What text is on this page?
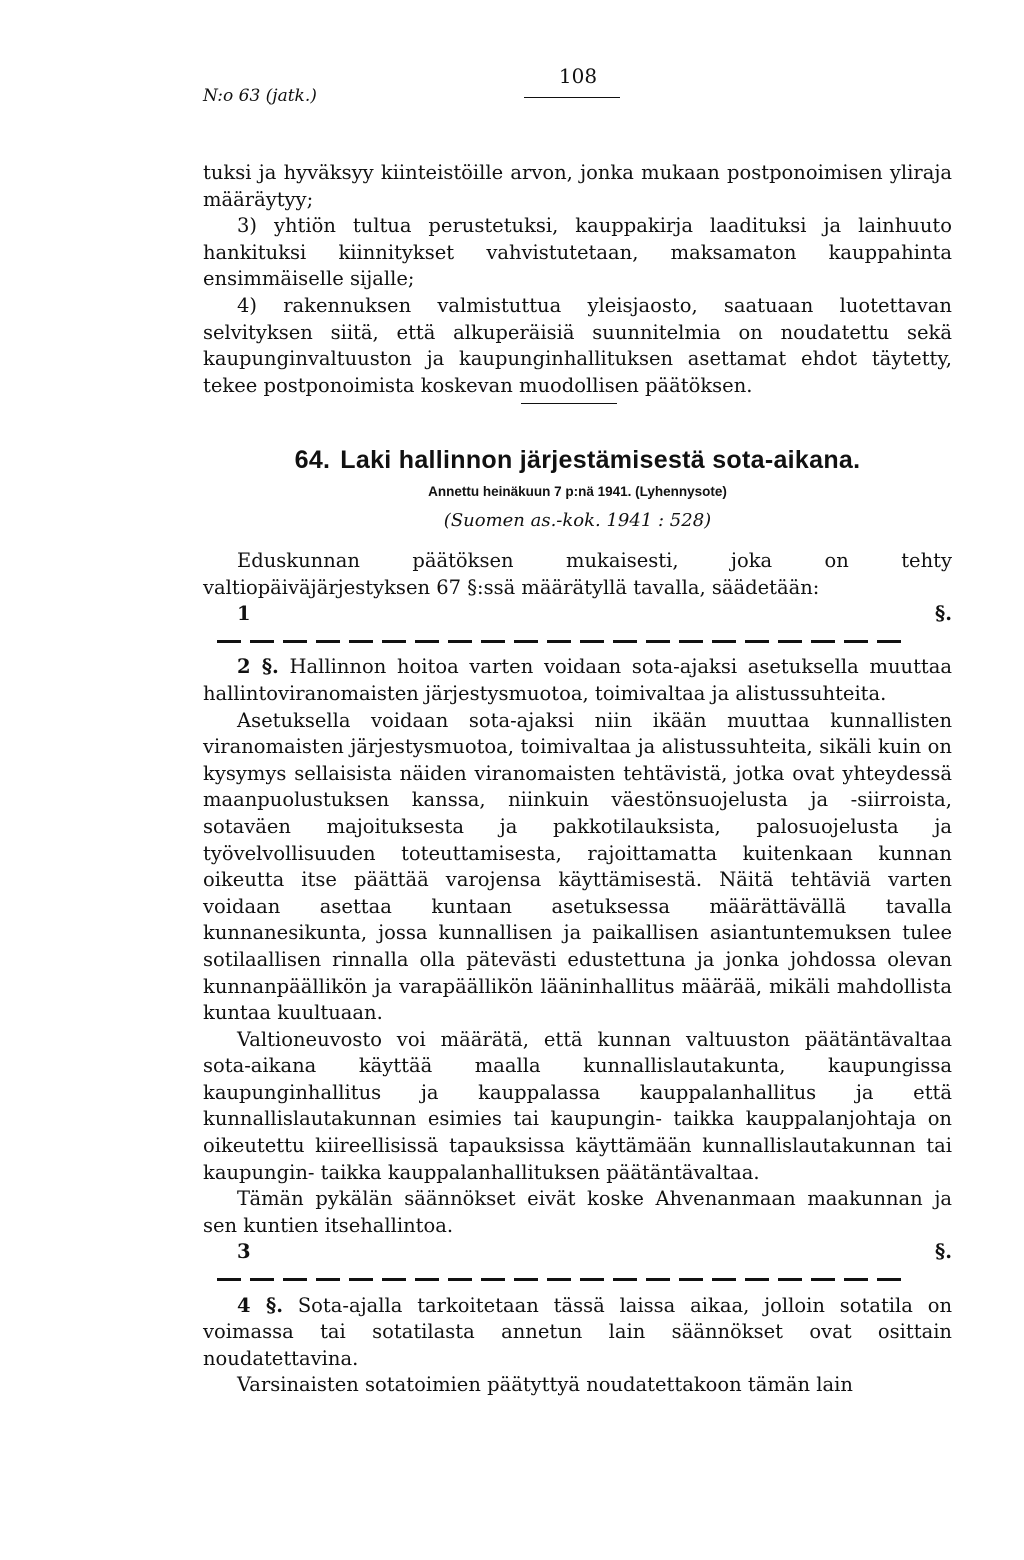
N:o 63 (jatk.)
108

tuksi ja hyväksyy kiinteistöille arvon, jonka mukaan postponoimisen yliraja määräytyy;

3) yhtiön tultua perustetuksi, kauppakirja laadituksi ja lainhuuto hankituksi kiinnitykset vahvistutetaan, maksamaton kauppahinta ensimmäiselle sijalle;

4) rakennuksen valmistuttua yleisjaosto, saatuaan luotettavan selvityksen siitä, että alkuperäisiä suunnitelmia on noudatettu sekä kaupunginvaltuuston ja kaupunginhallituksen asettamat ehdot täytetty, tekee postponoimista koskevan muodollisen päätöksen.

64. Laki hallinnon järjestämisestä sota-aikana.
Annettu heinäkuun 7 p:nä 1941. (Lyhennysote)
(Suomen as.-kok. 1941 : 528)

Eduskunnan päätöksen mukaisesti, joka on tehty valtiopäiväjärjestyksen 67 §:ssä määrätyllä tavalla, säädetään:

1 §.

2 §. Hallinnon hoitoa varten voidaan sota-ajaksi asetuksella muuttaa hallintoviranomaisten järjestysmuotoa, toimivaltaa ja alistussuhteita.

Asetuksella voidaan sota-ajaksi niin ikään muuttaa kunnallisten viranomaisten järjestysmuotoa, toimivaltaa ja alistussuhteita, sikäli kuin on kysymys sellaisista näiden viranomaisten tehtävistä, jotka ovat yhteydessä maanpuolustuksen kanssa, niinkuin väestönsuojelusta ja -siirroista, sotaväen majoituksesta ja pakkotilauksista, palosuojelusta ja työvelvollisuuden toteuttamisesta, rajoittamatta kuitenkaan kunnan oikeutta itse päättää varojensa käyttämisestä. Näitä tehtäviä varten voidaan asettaa kuntaan asetuksessa määrättävällä tavalla kunnanesikunta, jossa kunnallisen ja paikallisen asiantuntemuksen tulee sotilaallisen rinnalla olla pätevästi edustettuna ja jonka johdossa olevan kunnanpäällikön ja varapäällikön lääninhallitus määrää, mikäli mahdollista kuntaa kuultuaan.

Valtioneuvosto voi määrätä, että kunnan valtuuston päätäntävaltaa sota-aikana käyttää maalla kunnallislautakunta, kaupungissa kaupunginhallitus ja kauppalassa kauppalanhallitus ja että kunnallislautakunnan esimies tai kaupungin- taikka kauppalanjohtaja on oikeutettu kiireellisissä tapauksissa käyttämään kunnallislautakunnan tai kaupungin- taikka kauppalanhallituksen päätäntävaltaa.

Tämän pykälän säännökset eivät koske Ahvenanmaan maakunnan ja sen kuntien itsehallintoa.

3 §.

4 §. Sota-ajalla tarkoitetaan tässä laissa aikaa, jolloin sotatila on voimassa tai sotatilasta annetun lain säännökset ovat osittain noudatettavina.

Varsinaisten sotatoimien päätyttyä noudatettakoon tämän lain
